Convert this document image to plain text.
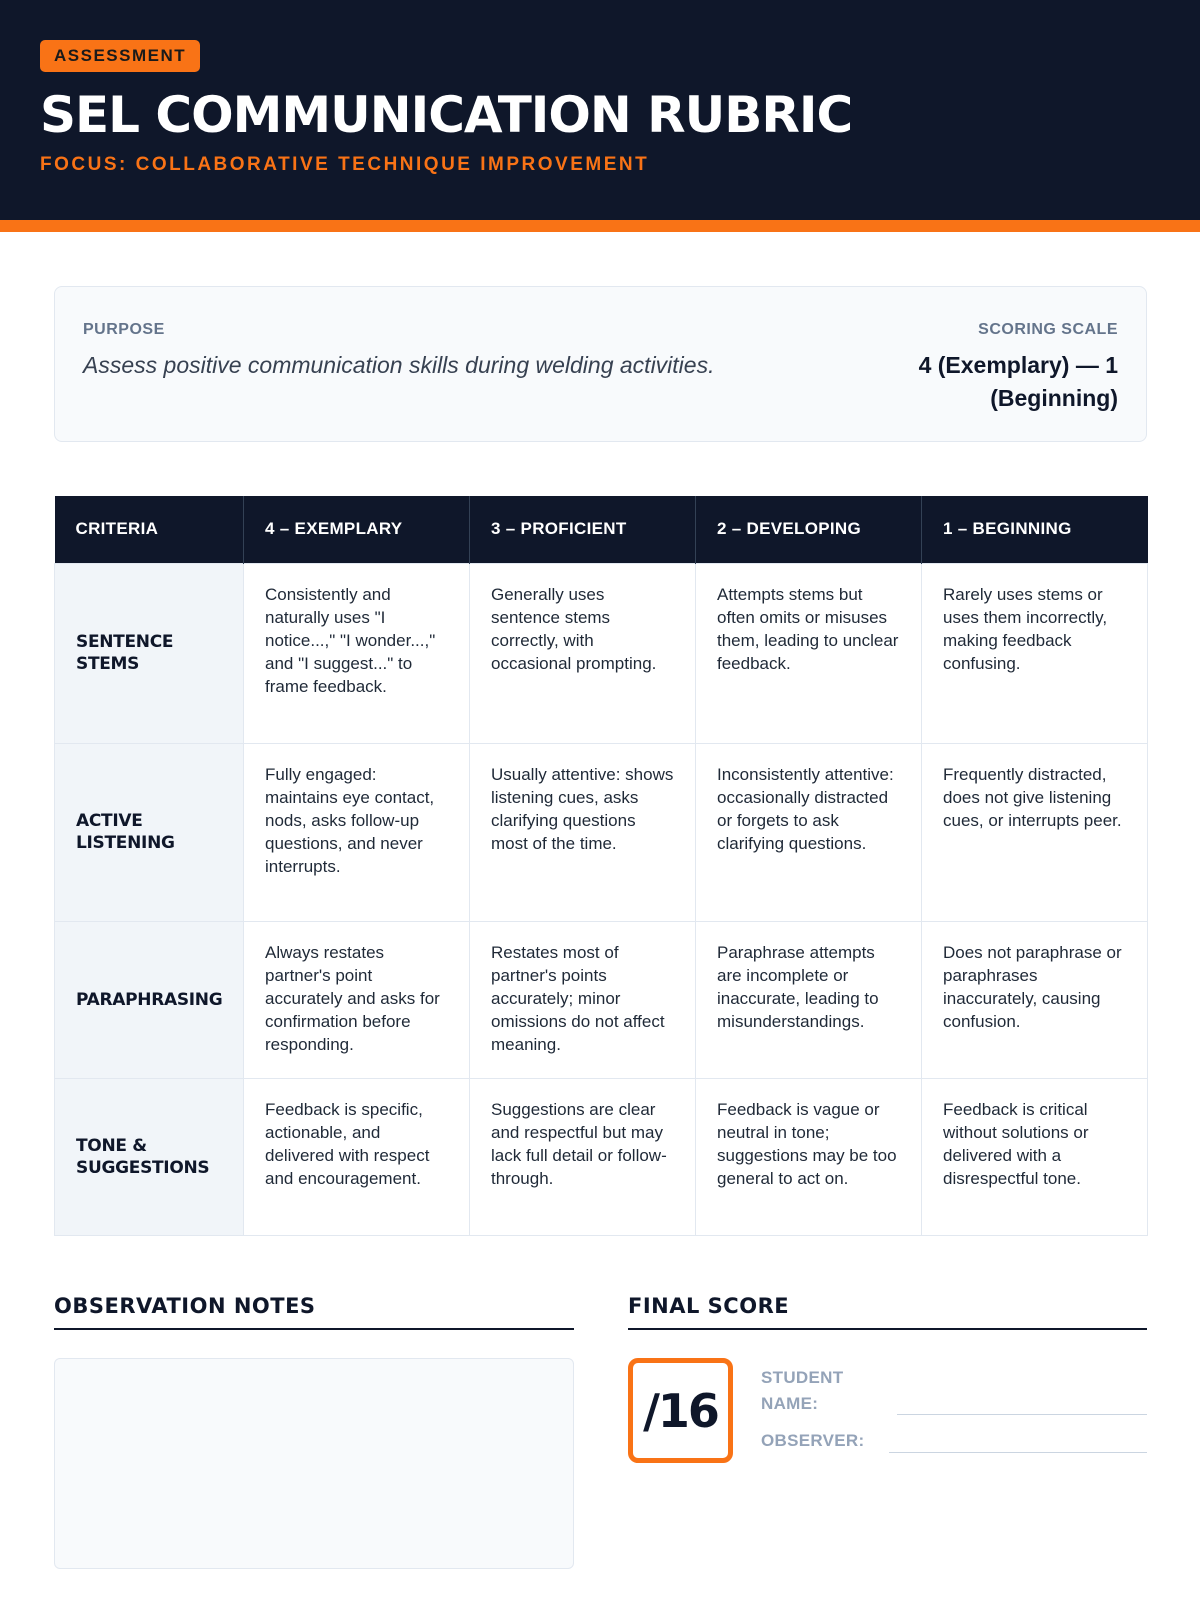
ASSESSMENT
SEL COMMUNICATION RUBRIC
FOCUS: COLLABORATIVE TECHNIQUE IMPROVEMENT
PURPOSE
Assess positive communication skills during welding activities.
SCORING SCALE
4 (Exemplary) — 1 (Beginning)
CRITERIA	4 – EXEMPLARY	3 – PROFICIENT	2 – DEVELOPING	1 – BEGINNING
SENTENCE STEMS	Consistently and naturally uses "I notice...," "I wonder...," and "I suggest..." to frame feedback.	Generally uses sentence stems correctly, with occasional prompting.	Attempts stems but often omits or misuses them, leading to unclear feedback.	Rarely uses stems or uses them incorrectly, making feedback confusing.
ACTIVE LISTENING	Fully engaged: maintains eye contact, nods, asks follow-up questions, and never interrupts.	Usually attentive: shows listening cues, asks clarifying questions most of the time.	Inconsistently attentive: occasionally distracted or forgets to ask clarifying questions.	Frequently distracted, does not give listening cues, or interrupts peer.
PARAPHRASING	Always restates partner's point accurately and asks for confirmation before responding.	Restates most of partner's points accurately; minor omissions do not affect meaning.	Paraphrase attempts are incomplete or inaccurate, leading to misunderstandings.	Does not paraphrase or paraphrases inaccurately, causing confusion.
TONE & SUGGESTIONS	Feedback is specific, actionable, and delivered with respect and encouragement.	Suggestions are clear and respectful but may lack full detail or follow-through.	Feedback is vague or neutral in tone; suggestions may be too general to act on.	Feedback is critical without solutions or delivered with a disrespectful tone.
OBSERVATION NOTES	FINAL SCORE
/16
STUDENT NAME:
OBSERVER:
